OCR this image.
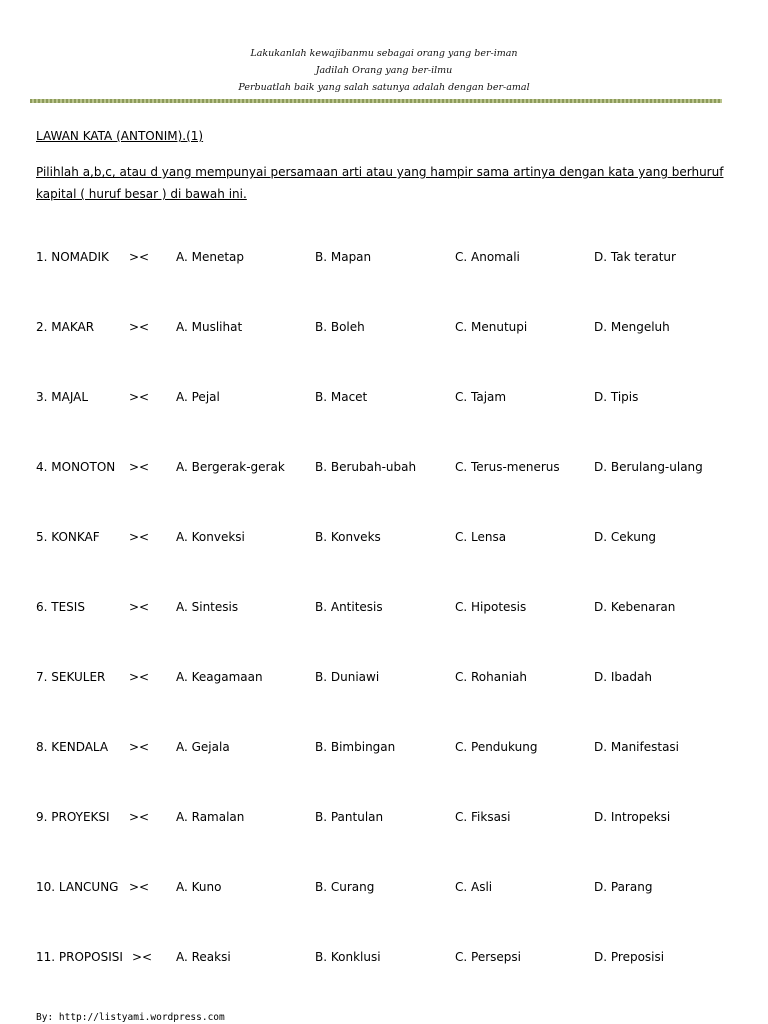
Lakukanlah kewajibanmu sebagai orang yang ber-iman
Jadilah Orang yang ber-ilmu
Perbuatlah baik yang salah satunya adalah dengan ber-amal
LAWAN KATA (ANTONIM).(1)
Pilihlah a,b,c, atau d yang mempunyai persamaan arti atau yang hampir sama artinya dengan kata yang berhuruf kapital ( huruf besar ) di bawah ini.
1. NOMADIK >< A. Menetap	B. Mapan	C. Anomali	D. Tak teratur
2. MAKAR	>< A. Muslihat	B. Boleh	C. Menutupi	D. Mengeluh
3. MAJAL	>< A. Pejal	B. Macet	C. Tajam	D. Tipis
4. MONOTON >< A. Bergerak-gerak	B. Berubah-ubah	C. Terus-menerus	D. Berulang-ulang
5. KONKAF >< A. Konveksi	B. Konveks	C. Lensa	D. Cekung
6. TESIS	>< A. Sintesis	B. Antitesis	C. Hipotesis	D. Kebenaran
7. SEKULER >< A. Keagamaan	B. Duniawi	C. Rohaniah	D. Ibadah
8. KENDALA >< A. Gejala	B. Bimbingan	C. Pendukung	D. Manifestasi
9. PROYEKSI >< A. Ramalan	B. Pantulan	C. Fiksasi	D. Intropeksi
10. LANCUNG >< A. Kuno	B. Curang	C. Asli	D. Parang
11. PROPOSISI >< A. Reaksi	B. Konklusi	C. Persepsi	D. Preposisi
By: http://listyami.wordpress.com
